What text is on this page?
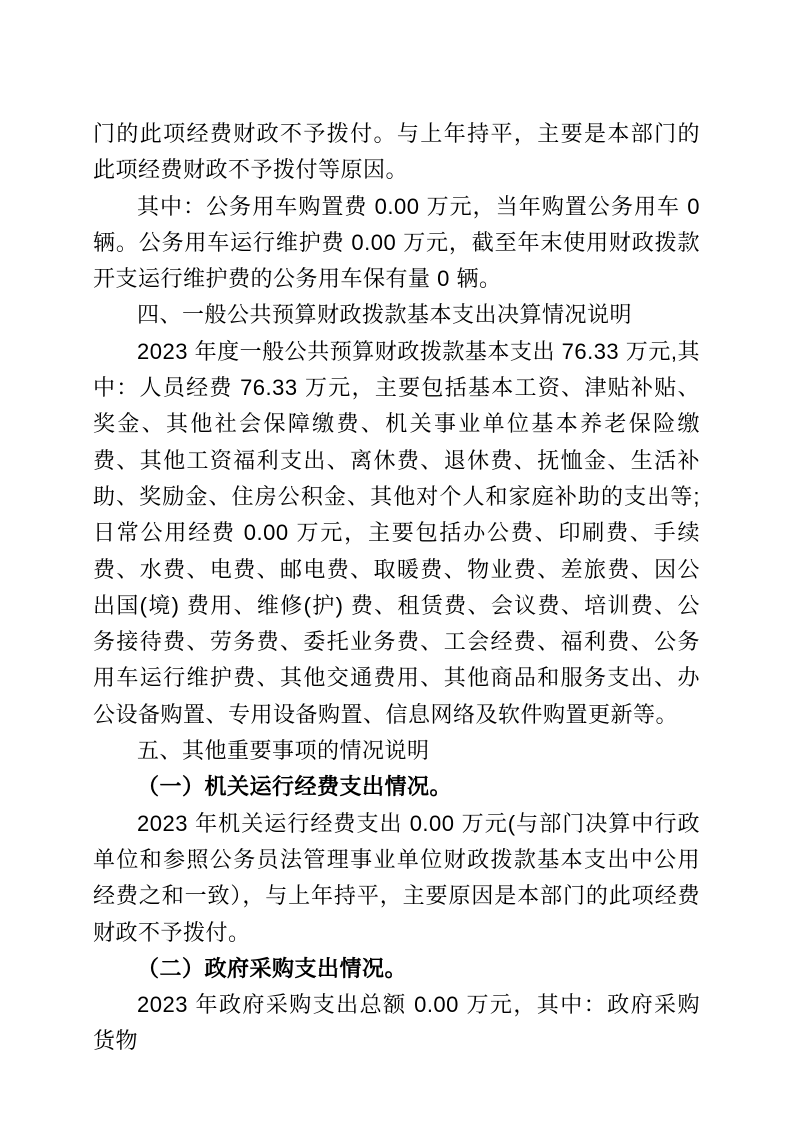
门的此项经费财政不予拨付。与上年持平，主要是本部门的此项经费财政不予拨付等原因。

其中：公务用车购置费 0.00 万元，当年购置公务用车 0 辆。公务用车运行维护费 0.00 万元，截至年末使用财政拨款开支运行维护费的公务用车保有量 0 辆。

四、一般公共预算财政拨款基本支出决算情况说明

2023 年度一般公共预算财政拨款基本支出 76.33 万元,其中：人员经费 76.33 万元，主要包括基本工资、津贴补贴、奖金、其他社会保障缴费、机关事业单位基本养老保险缴费、其他工资福利支出、离休费、退休费、抚恤金、生活补助、奖励金、住房公积金、其他对个人和家庭补助的支出等; 日常公用经费 0.00 万元，主要包括办公费、印刷费、手续费、水费、电费、邮电费、取暖费、物业费、差旅费、因公出国(境) 费用、维修(护) 费、租赁费、会议费、培训费、公务接待费、劳务费、委托业务费、工会经费、福利费、公务用车运行维护费、其他交通费用、其他商品和服务支出、办公设备购置、专用设备购置、信息网络及软件购置更新等。

五、其他重要事项的情况说明

（一）机关运行经费支出情况。

2023 年机关运行经费支出 0.00 万元(与部门决算中行政单位和参照公务员法管理事业单位财政拨款基本支出中公用经费之和一致），与上年持平，主要原因是本部门的此项经费财政不予拨付。

（二）政府采购支出情况。

2023 年政府采购支出总额 0.00 万元，其中：政府采购货物
